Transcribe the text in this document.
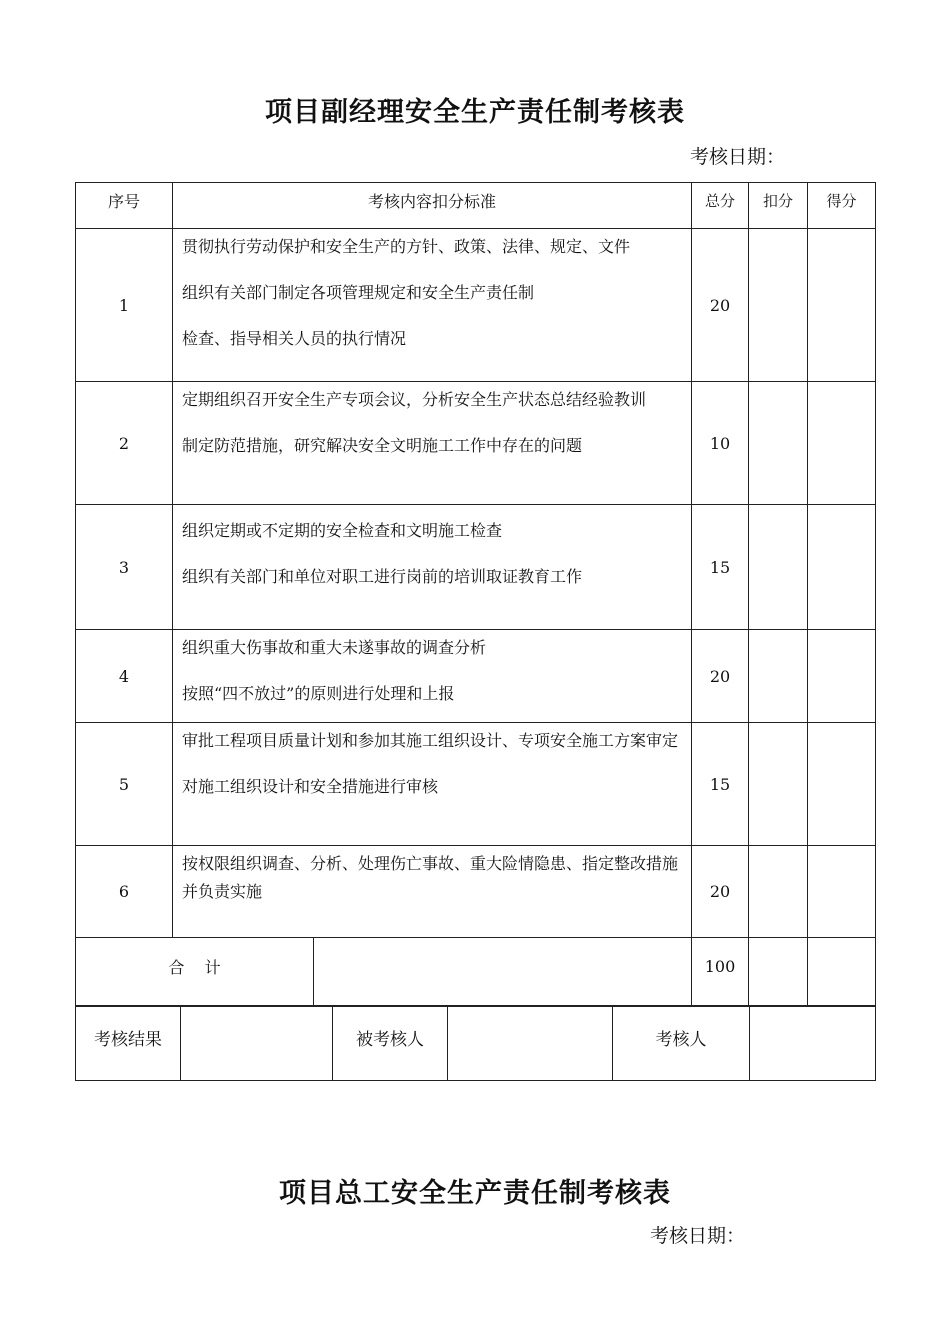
项目副经理安全生产责任制考核表
考核日期：
序号	考核内容扣分标准	总分	扣分	得分
1	贯彻执行劳动保护和安全生产的方针、政策、法律、规定、文件
组织有关部门制定各项管理规定和安全生产责任制
检查、指导相关人员的执行情况	20		
2	定期组织召开安全生产专项会议，分析安全生产状态总结经验教训
制定防范措施，研究解决安全文明施工工作中存在的问题	10		
3	组织定期或不定期的安全检查和文明施工检查
组织有关部门和单位对职工进行岗前的培训取证教育工作	15		
4	组织重大伤事故和重大未遂事故的调查分析
按照“四不放过”的原则进行处理和上报	20		
5	审批工程项目质量计划和参加其施工组织设计、专项安全施工方案审定
对施工组织设计和安全措施进行审核	15		
6	按权限组织调查、分析、处理伤亡事故、重大险情隐患、指定整改措施并负责实施	20		
合    计		100		
考核结果		被考核人		考核人	
项目总工安全生产责任制考核表
考核日期：
